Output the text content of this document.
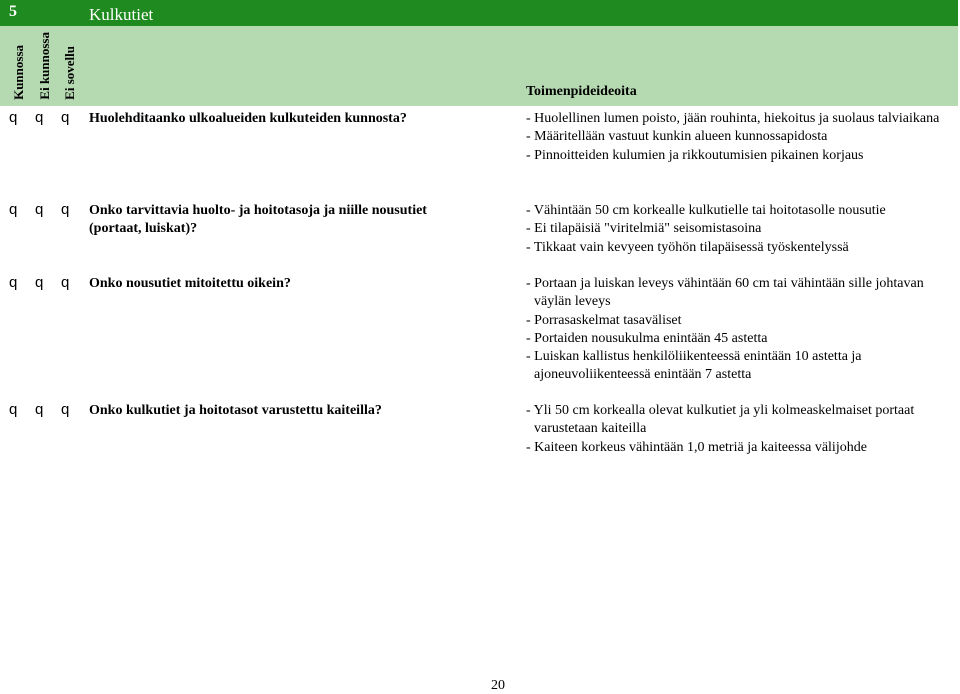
5	Kulkutiet
Kunnossa Ei kunnossa Ei sovellu	Toimenpideideoita
q q q Huolehditaanko ulkoalueiden kulkuteiden kunnosta?	- Huolellinen lumen poisto, jään rouhinta, hiekoitus ja suolaus talviaikana
- Määritellään vastuut kunkin alueen kunnossapidosta
- Pinnoitteiden kulumien ja rikkoutumisien pikainen korjaus
q q q Onko tarvittavia huolto- ja hoitotasoja ja niille nousutiet (portaat, luiskat)?
- Vähintään 50 cm korkealle kulkutielle tai hoitotasolle nousutie
- Ei tilapäisiä "viritelmiä" seisomistasoina
- Tikkaat vain kevyeen työhön tilapäisessä työskentelyssä
q q q Onko nousutiet mitoitettu oikein?	- Portaan ja luiskan leveys vähintään 60 cm tai vähintään sille johtavan väylän leveys
- Porrasaskelmat tasaväliset
- Portaiden nousukulma enintään 45 astetta
- Luiskan kallistus henkilöliikenteessä enintään 10 astetta ja ajoneuvoliikenteessä enintään 7 astetta
q q q Onko kulkutiet ja hoitotasot varustettu kaiteilla?	- Yli 50 cm korkealla olevat kulkutiet ja yli kolmeaskelmaiset portaat varustetaan kaiteilla
- Kaiteen korkeus vähintään 1,0 metriä ja kaiteessa välijohde
20
